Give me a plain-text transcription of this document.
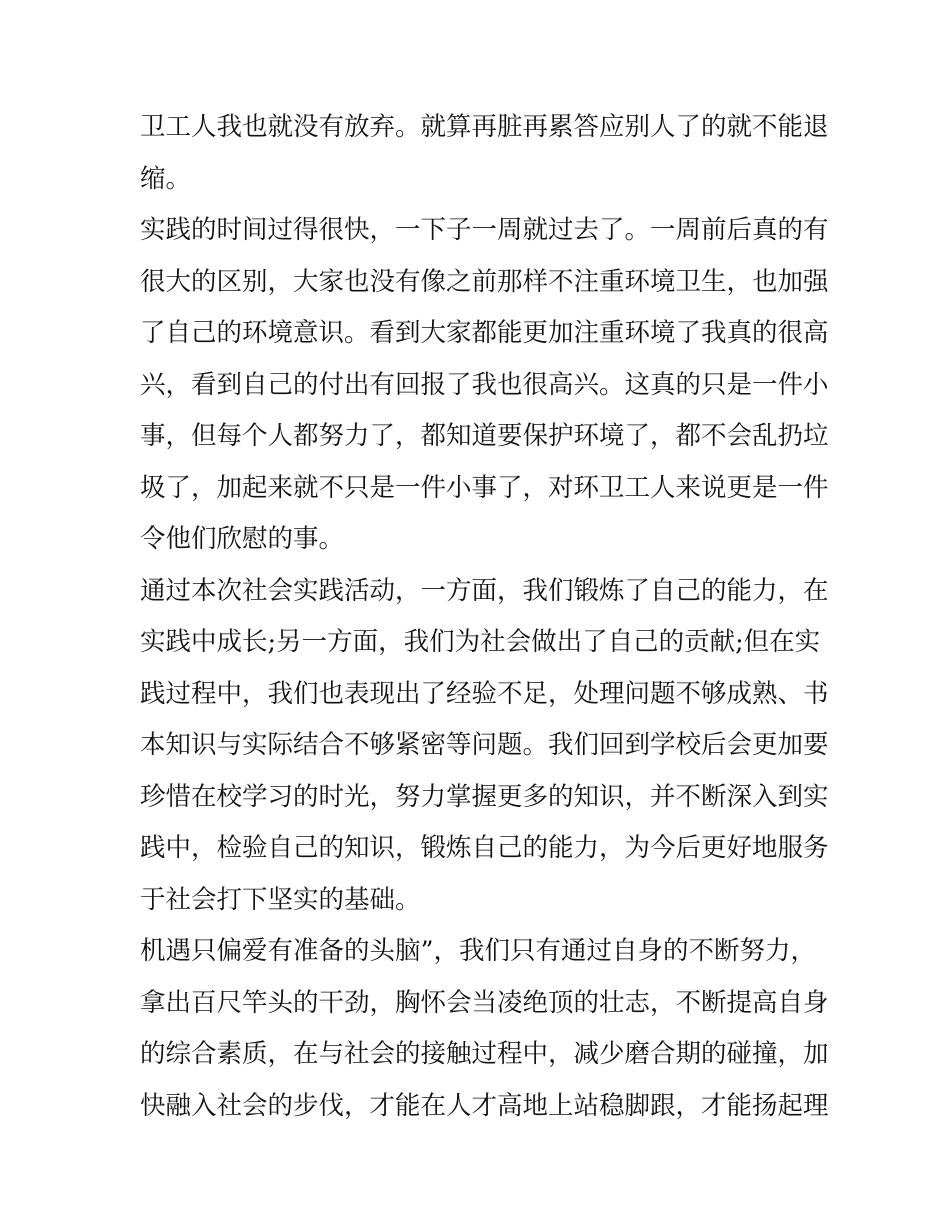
卫工人我也就没有放弃。就算再脏再累答应别人了的就不能退
缩。
实践的时间过得很快，一下子一周就过去了。一周前后真的有
很大的区别，大家也没有像之前那样不注重环境卫生，也加强
了自己的环境意识。看到大家都能更加注重环境了我真的很高
兴，看到自己的付出有回报了我也很高兴。这真的只是一件小
事，但每个人都努力了，都知道要保护环境了，都不会乱扔垃
圾了，加起来就不只是一件小事了，对环卫工人来说更是一件
令他们欣慰的事。
通过本次社会实践活动，一方面，我们锻炼了自己的能力，在
实践中成长;另一方面，我们为社会做出了自己的贡献;但在实
践过程中，我们也表现出了经验不足，处理问题不够成熟、书
本知识与实际结合不够紧密等问题。我们回到学校后会更加要
珍惜在校学习的时光，努力掌握更多的知识，并不断深入到实
践中，检验自己的知识，锻炼自己的能力，为今后更好地服务
于社会打下坚实的基础。
机遇只偏爱有准备的头脑”，我们只有通过自身的不断努力，
拿出百尺竿头的干劲，胸怀会当凌绝顶的壮志，不断提高自身
的综合素质，在与社会的接触过程中，减少磨合期的碰撞，加
快融入社会的步伐，才能在人才高地上站稳脚跟，才能扬起理
